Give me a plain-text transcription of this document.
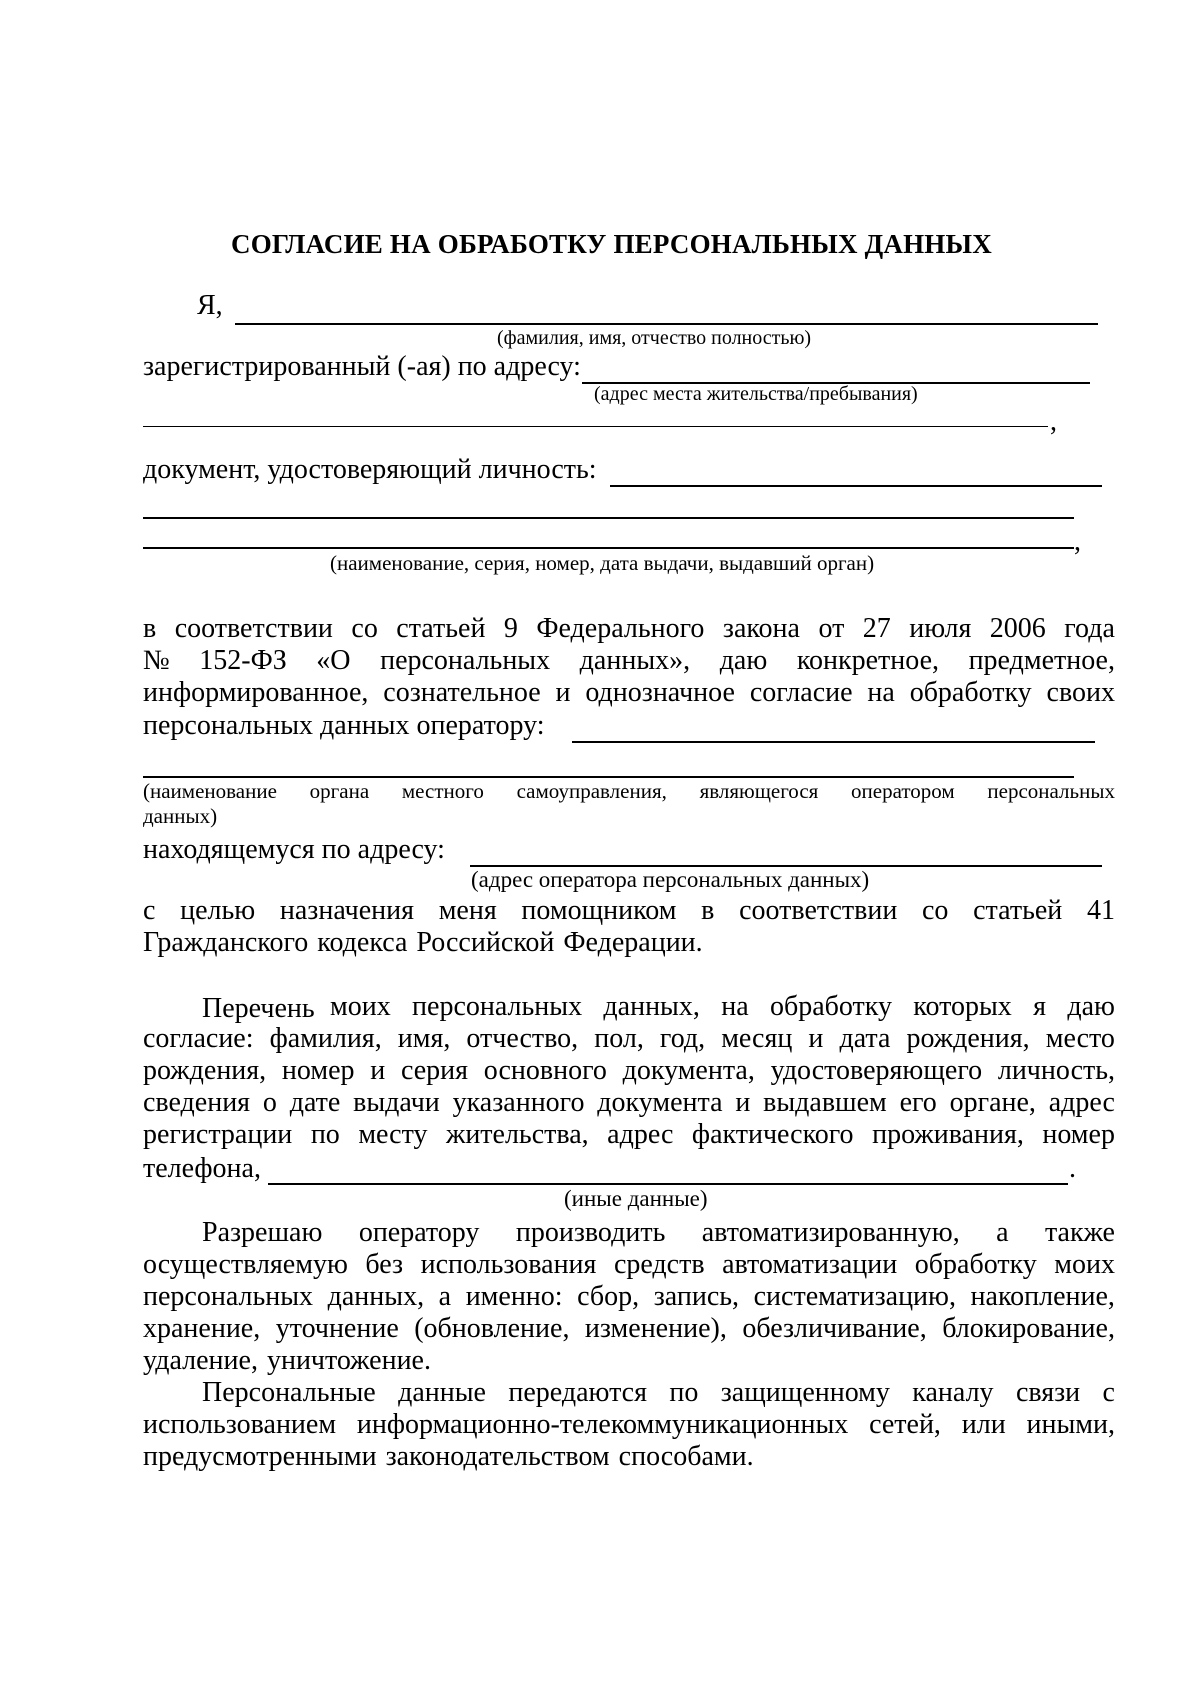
СОГЛАСИЕ НА ОБРАБОТКУ ПЕРСОНАЛЬНЫХ ДАННЫХ
Я,
(фамилия, имя, отчество полностью)
зарегистрированный (-ая) по адресу:
(адрес места жительства/пребывания)
,
документ, удостоверяющий личность:
,
(наименование, серия, номер, дата выдачи, выдавший орган)
в соответствии со статьей 9 Федерального закона от 27 июля 2006 года
№ 152-ФЗ «О персональных данных», даю конкретное, предметное,
информированное, сознательное и однозначное согласие на обработку своих
персональных данных оператору:
(наименование органа местного самоуправления, являющегося оператором персональных
данных)
находящемуся по адресу:
(адрес оператора персональных данных)
с целью назначения меня помощником в соответствии со статьей 41
Гражданского кодекса Российской Федерации.
Перечень моих персональных данных, на обработку которых я даю
согласие: фамилия, имя, отчество, пол, год, месяц и дата рождения, место
рождения, номер и серия основного документа, удостоверяющего личность,
сведения о дате выдачи указанного документа и выдавшем его органе, адрес
регистрации по месту жительства, адрес фактического проживания, номер
телефона,	.
(иные данные)
Разрешаю оператору производить автоматизированную, а также
осуществляемую без использования средств автоматизации обработку моих
персональных данных, а именно: сбор, запись, систематизацию, накопление,
хранение, уточнение (обновление, изменение), обезличивание, блокирование,
удаление, уничтожение.
Персональные данные передаются по защищенному каналу связи с
использованием информационно-телекоммуникационных сетей, или иными,
предусмотренными законодательством способами.
